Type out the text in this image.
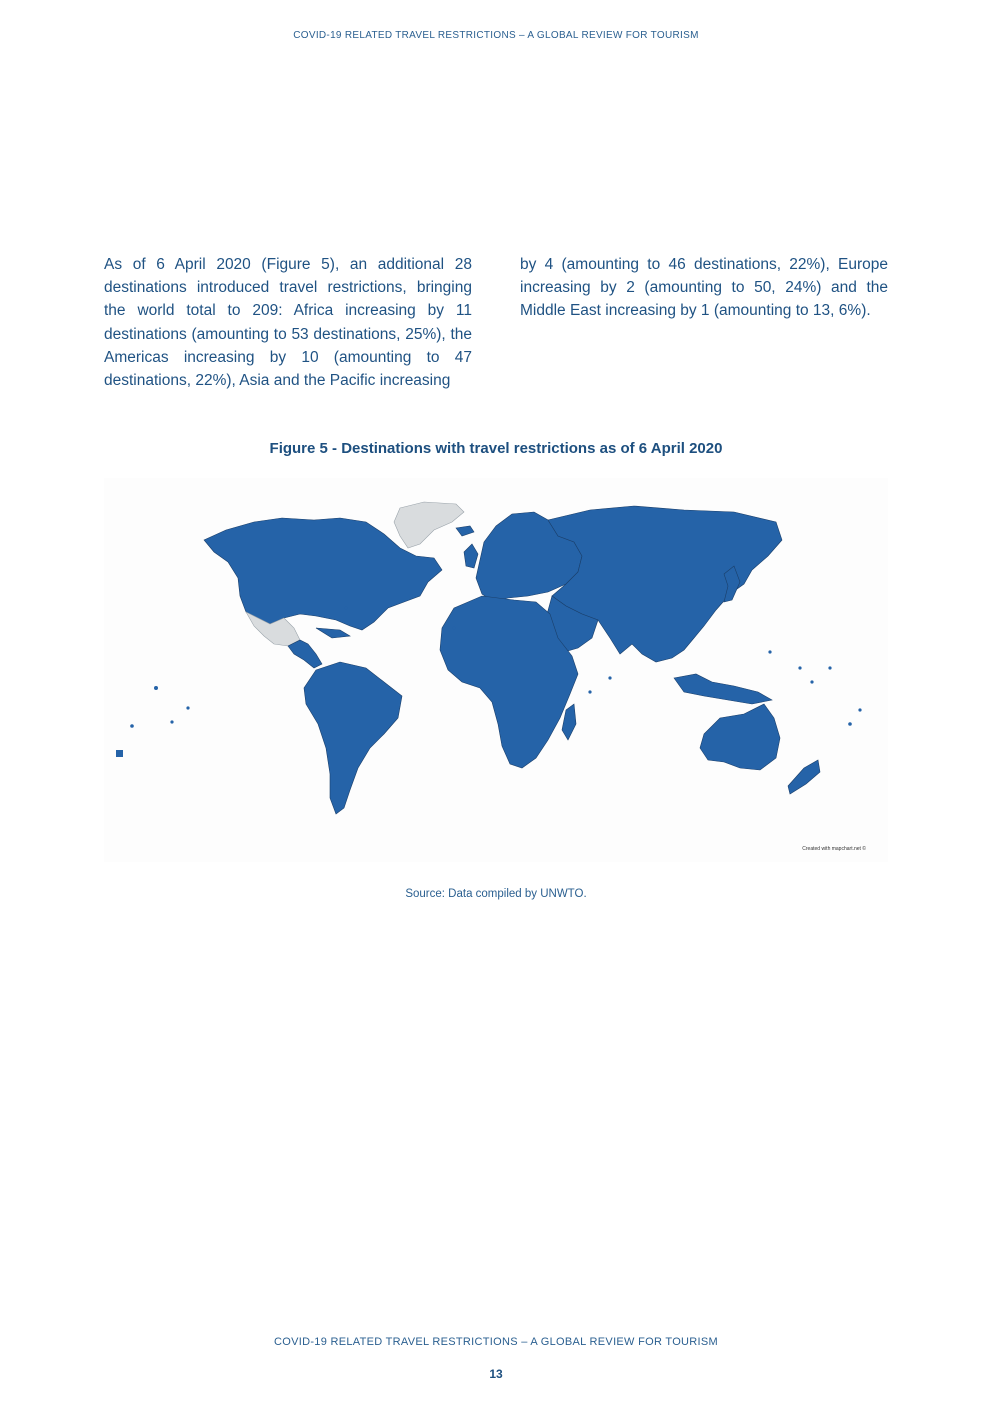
COVID-19 RELATED TRAVEL RESTRICTIONS – A GLOBAL REVIEW FOR TOURISM
As of 6 April 2020 (Figure 5), an additional 28 destinations introduced travel restrictions, bringing the world total to 209: Africa increasing by 11 destinations (amounting to 53 destinations, 25%), the Americas increasing by 10 (amounting to 47 destinations, 22%), Asia and the Pacific increasing
by 4 (amounting to 46 destinations, 22%), Europe increasing by 2 (amounting to 50, 24%) and the Middle East increasing by 1 (amounting to 13, 6%).
Figure 5 - Destinations with travel restrictions as of 6 April 2020
Created with mapchart.net ©
Source: Data compiled by UNWTO.
COVID-19 RELATED TRAVEL RESTRICTIONS – A GLOBAL REVIEW FOR TOURISM
13
